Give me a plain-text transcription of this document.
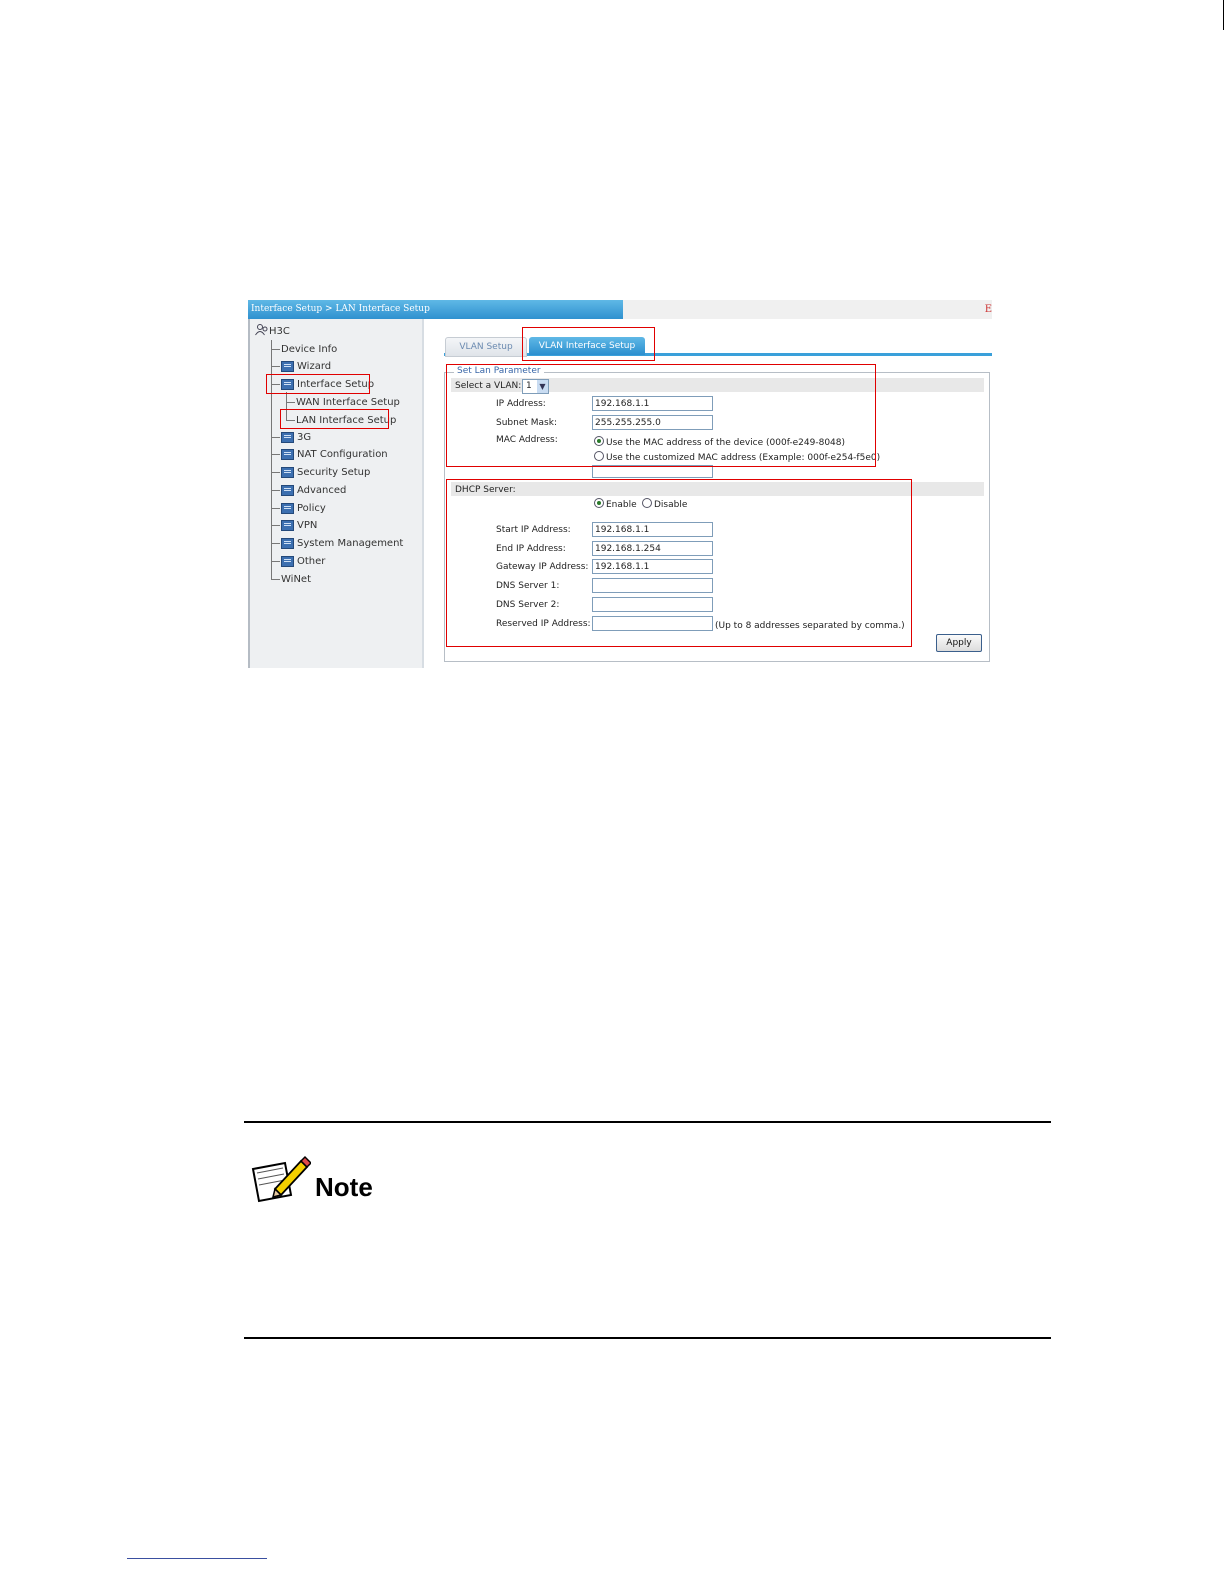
Interface Setup > LAN Interface Setup	E
H3C
Device Info
Wizard
Interface Setup
WAN Interface Setup
LAN Interface Setup
3G
NAT Configuration
Security Setup
Advanced
Policy
VPN
System Management
Other
WiNet
VLAN Setup	VLAN Interface Setup
Set Lan Parameter
Select a VLAN: 1 ▼
IP Address:	192.168.1.1
Subnet Mask:	255.255.255.0
MAC Address:	Use the MAC address of the device (000f-e249-8048)
Use the customized MAC address (Example: 000f-e254-f5e0)
DHCP Server:
Enable	Disable
Start IP Address:	192.168.1.1
End IP Address:	192.168.1.254
Gateway IP Address: 192.168.1.1
DNS Server 1:
DNS Server 2:
Reserved IP Address:	(Up to 8 addresses separated by comma.)
Apply
Note
